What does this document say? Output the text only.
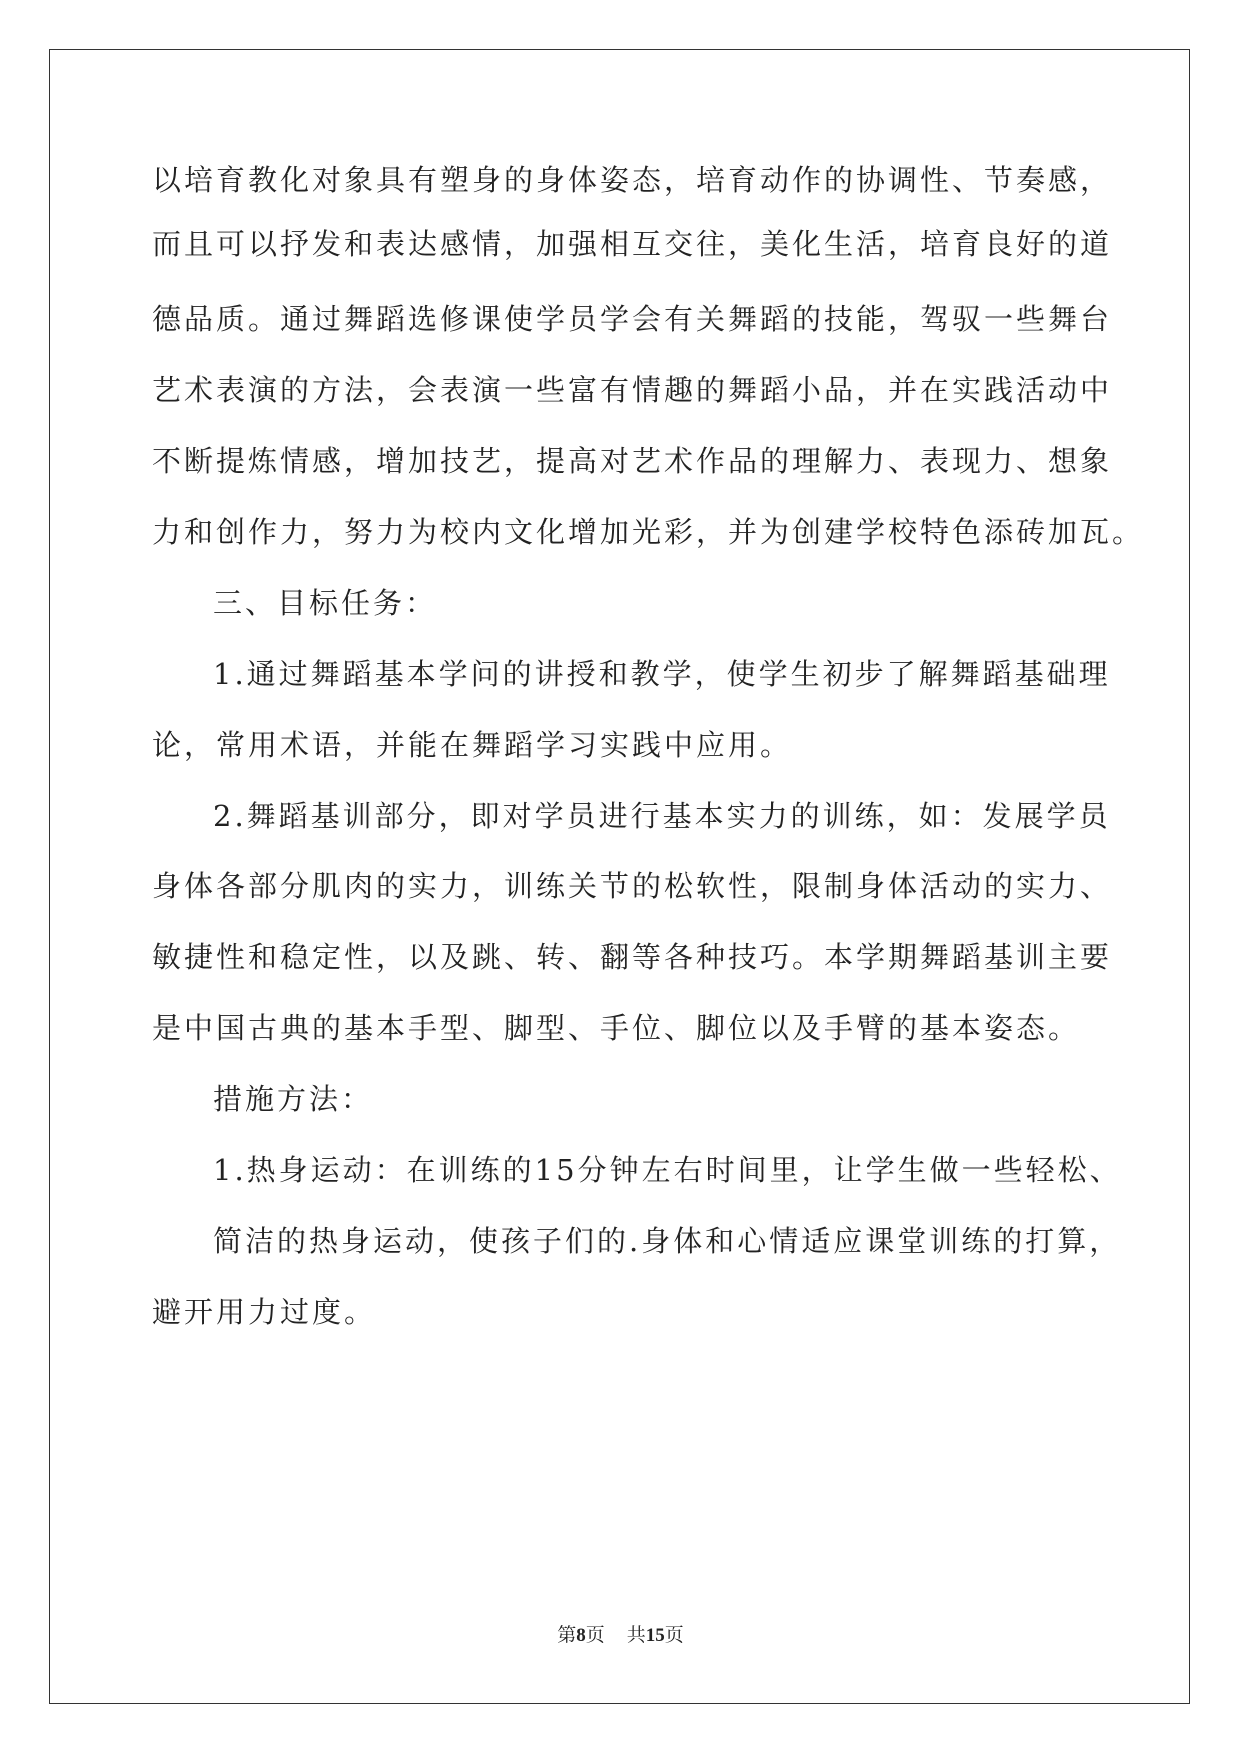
以培育教化对象具有塑身的身体姿态，培育动作的协调性、节奏感，
而且可以抒发和表达感情，加强相互交往，美化生活，培育良好的道
德品质。通过舞蹈选修课使学员学会有关舞蹈的技能，驾驭一些舞台
艺术表演的方法，会表演一些富有情趣的舞蹈小品，并在实践活动中
不断提炼情感，增加技艺，提高对艺术作品的理解力、表现力、想象
力和创作力，努力为校内文化增加光彩，并为创建学校特色添砖加瓦。
三、目标任务：
1.通过舞蹈基本学问的讲授和教学，使学生初步了解舞蹈基础理
论，常用术语，并能在舞蹈学习实践中应用。
2.舞蹈基训部分，即对学员进行基本实力的训练，如：发展学员
身体各部分肌肉的实力，训练关节的松软性，限制身体活动的实力、
敏捷性和稳定性，以及跳、转、翻等各种技巧。本学期舞蹈基训主要
是中国古典的基本手型、脚型、手位、脚位以及手臂的基本姿态。
措施方法：
1.热身运动：在训练的15分钟左右时间里，让学生做一些轻松、
简洁的热身运动，使孩子们的.身体和心情适应课堂训练的打算，
避开用力过度。
第8页 共15页
